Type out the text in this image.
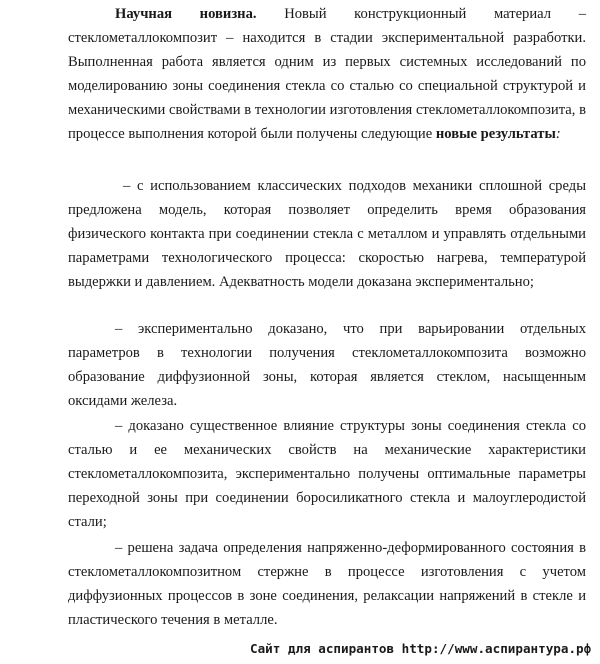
Научная новизна. Новый конструкционный материал – стеклометаллокомпозит – находится в стадии экспериментальной разработки. Выполненная работа является одним из первых системных исследований по моделированию зоны соединения стекла со сталью со специальной структурой и механическими свойствами в технологии изготовления стеклометаллокомпозита, в процессе выполнения которой были получены следующие новые результаты:

– с использованием классических подходов механики сплошной среды предложена модель, которая позволяет определить время образования физического контакта при соединении стекла с металлом и управлять отдельными параметрами технологического процесса: скоростью нагрева, температурой выдержки и давлением. Адекватность модели доказана экспериментально;

– экспериментально доказано, что при варьировании отдельных параметров в технологии получения стеклометаллокомпозита возможно образование диффузионной зоны, которая является стеклом, насыщенным оксидами железа.

– доказано существенное влияние структуры зоны соединения стекла со сталью и ее механических свойств на механические характеристики стеклометаллокомпозита, экспериментально получены оптимальные параметры переходной зоны при соединении боросиликатного стекла и малоуглеродистой стали;

– решена задача определения напряженно-деформированного состояния в стеклометаллокомпозитном стержне в процессе изготовления с учетом диффузионных процессов в зоне соединения, релаксации напряжений в стекле и пластического течения в металле.

Сайт для аспирантов http://www.аспирантура.рф
